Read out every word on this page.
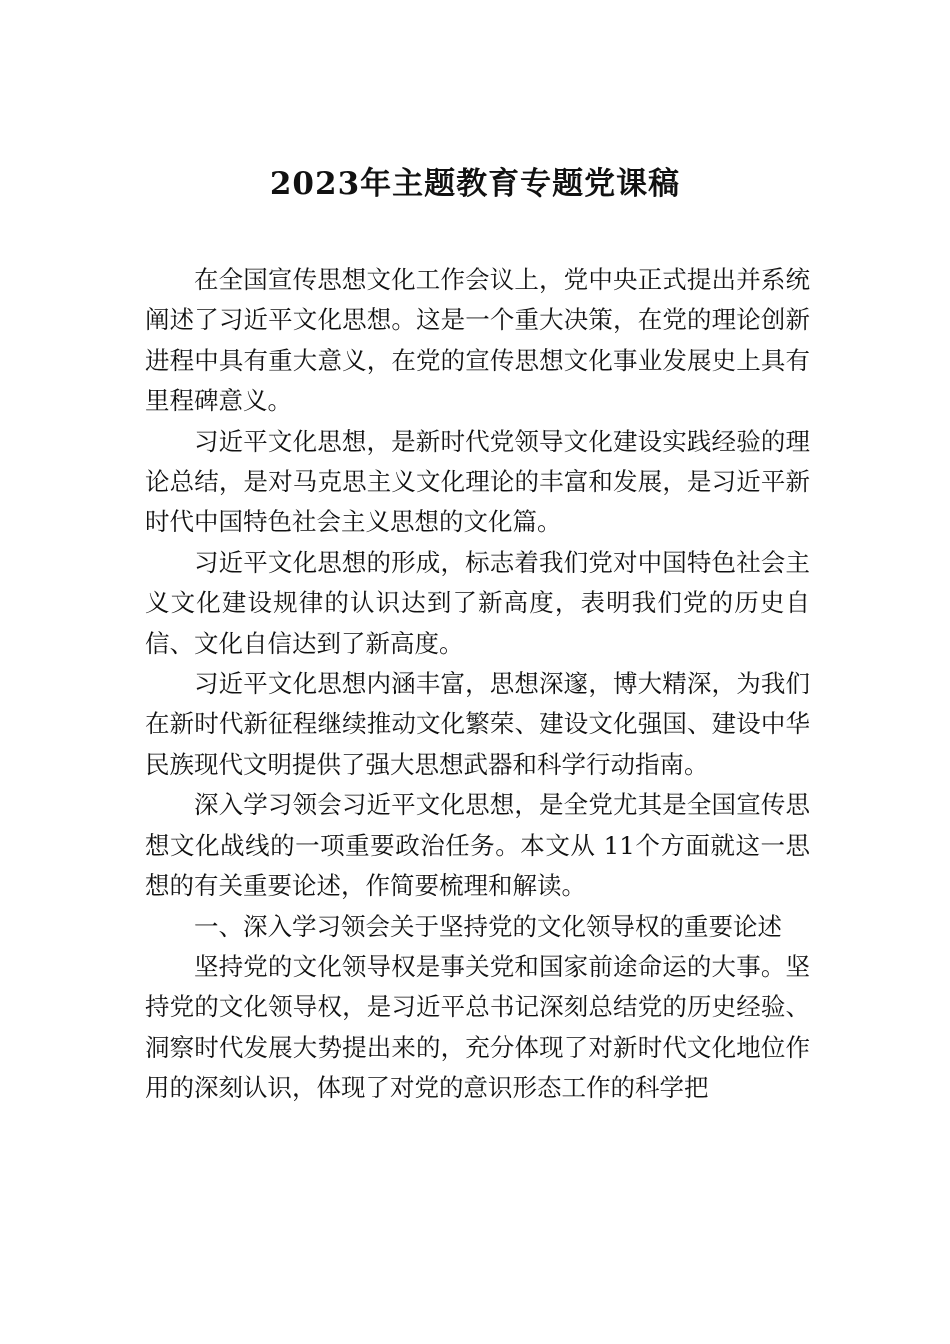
2023年主题教育专题党课稿

在全国宣传思想文化工作会议上，党中央正式提出并系统阐述了习近平文化思想。这是一个重大决策，在党的理论创新进程中具有重大意义，在党的宣传思想文化事业发展史上具有里程碑意义。

习近平文化思想，是新时代党领导文化建设实践经验的理论总结，是对马克思主义文化理论的丰富和发展，是习近平新时代中国特色社会主义思想的文化篇。

习近平文化思想的形成，标志着我们党对中国特色社会主义文化建设规律的认识达到了新高度，表明我们党的历史自信、文化自信达到了新高度。

习近平文化思想内涵丰富，思想深邃，博大精深，为我们在新时代新征程继续推动文化繁荣、建设文化强国、建设中华民族现代文明提供了强大思想武器和科学行动指南。

深入学习领会习近平文化思想，是全党尤其是全国宣传思想文化战线的一项重要政治任务。本文从 11个方面就这一思想的有关重要论述，作简要梳理和解读。

一、深入学习领会关于坚持党的文化领导权的重要论述

坚持党的文化领导权是事关党和国家前途命运的大事。坚持党的文化领导权，是习近平总书记深刻总结党的历史经验、洞察时代发展大势提出来的，充分体现了对新时代文化地位作用的深刻认识，体现了对党的意识形态工作的科学把
